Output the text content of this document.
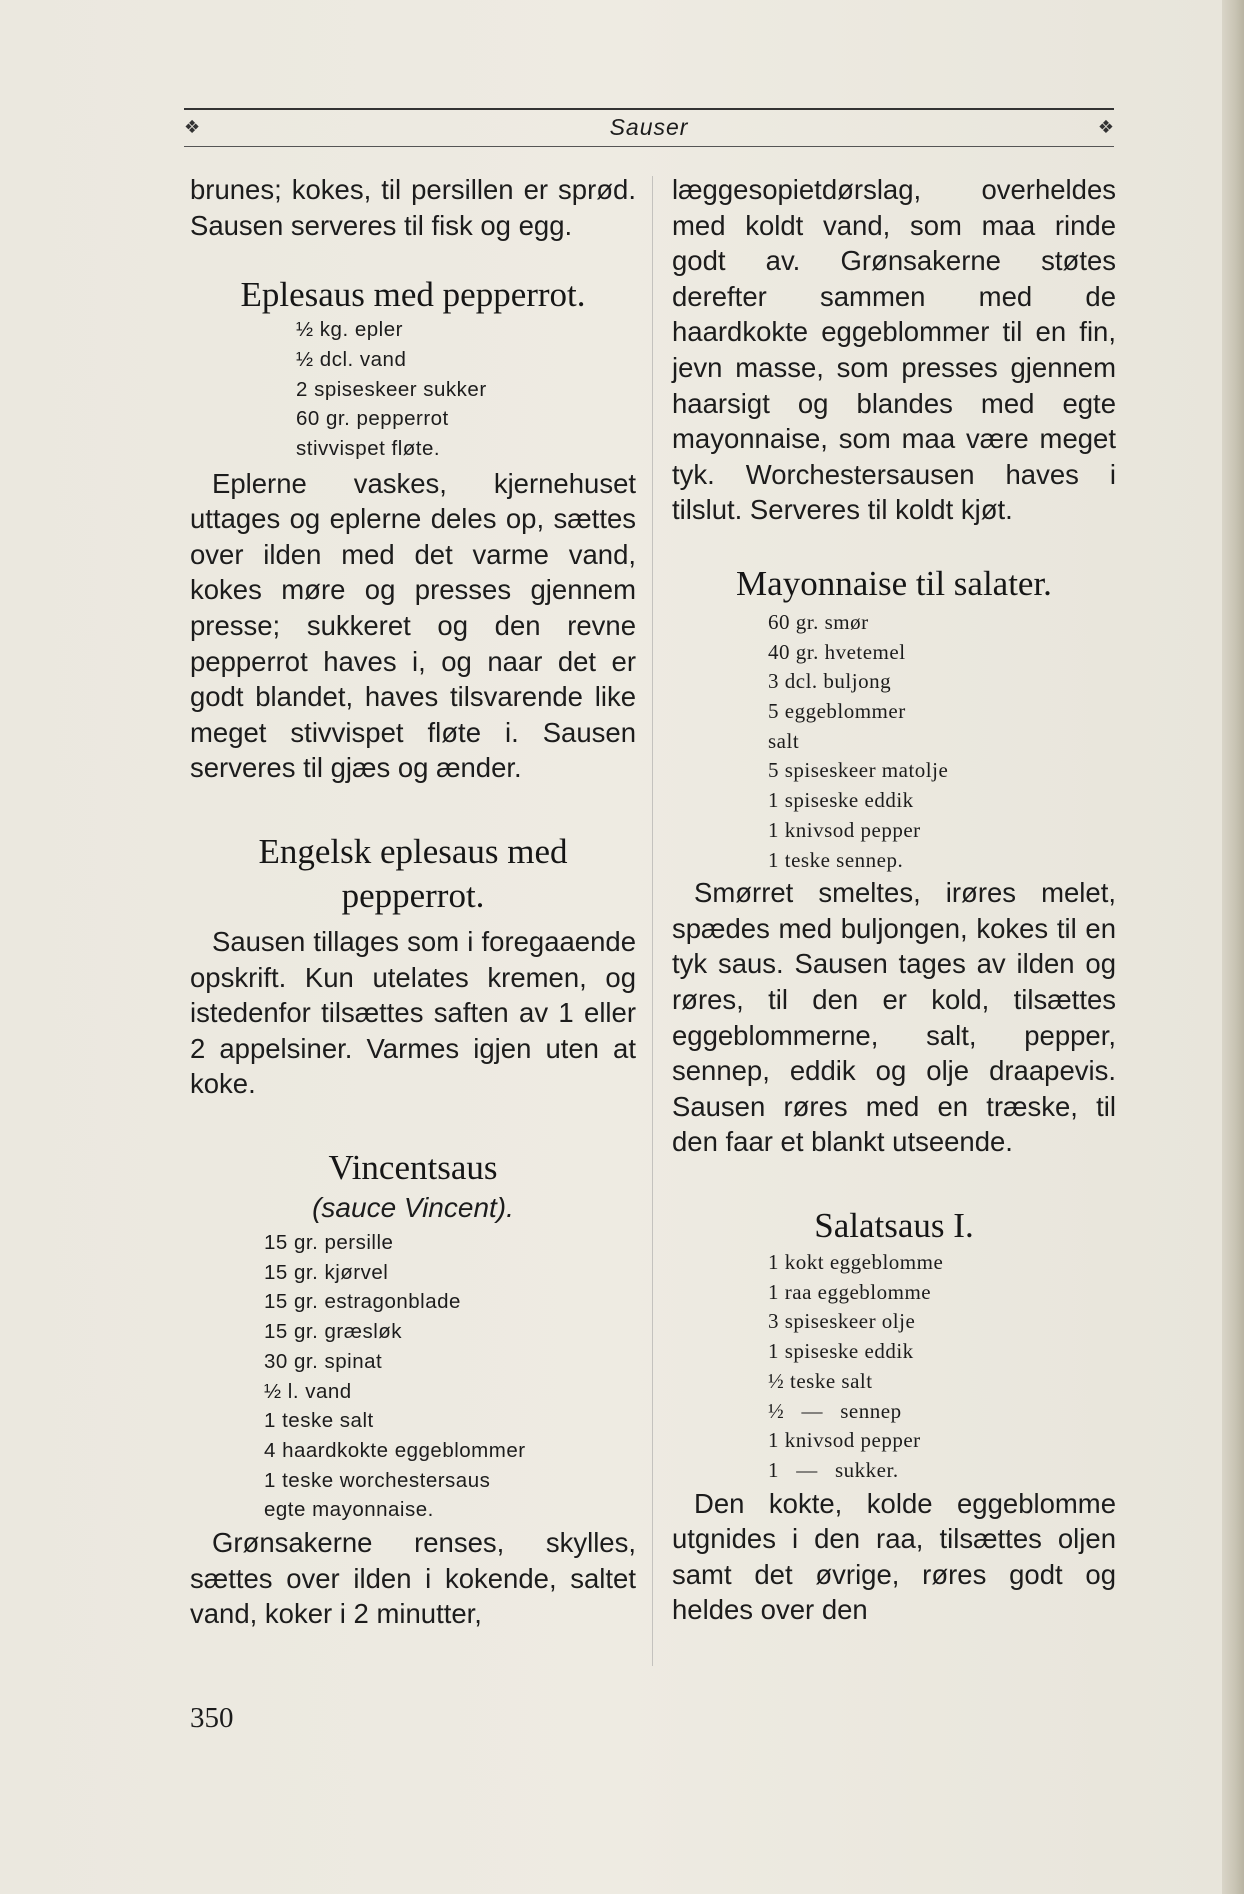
❖	Sauser	❖

brunes; kokes, til persillen er sprød. Sausen serveres til fisk og egg.

Eplesaus med pepperrot.
½ kg. epler
½ dcl. vand
2 spiseskeer sukker
60 gr. pepperrot
stivvispet fløte.

Eplerne vaskes, kjernehuset uttages og eplerne deles op, sættes over ilden med det varme vand, kokes møre og presses gjennem presse; sukkeret og den revne pepperrot haves i, og naar det er godt blandet, haves tilsvarende like meget stivvispet fløte i. Sausen serveres til gjæs og ænder.

Engelsk eplesaus med
pepperrot.

Sausen tillages som i foregaaende opskrift. Kun utelates kremen, og istedenfor tilsættes saften av 1 eller 2 appelsiner. Varmes igjen uten at koke.

Vincentsaus

(sauce Vincent).

15 gr. persille
15 gr. kjørvel
15 gr. estragonblade
15 gr. græsløk
30 gr. spinat
½ l. vand
1 teske salt
4 haardkokte eggeblommer
1 teske worchestersaus
egte mayonnaise.

Grønsakerne renses, skylles, sættes over ilden i kokende, saltet vand, koker i 2 minutter,

læggesopietdørslag, overheldes med koldt vand, som maa rinde godt av. Grønsakerne støtes derefter sammen med de haardkokte eggeblommer til en fin, jevn masse, som presses gjennem haarsigt og blandes med egte mayonnaise, som maa være meget tyk. Worchestersausen haves i tilslut. Serveres til koldt kjøt.

Mayonnaise til salater.
60 gr. smør
40 gr. hvetemel
3 dcl. buljong
5 eggeblommer
salt
5 spiseskeer matolje
1 spiseske eddik
1 knivsod pepper
1 teske sennep.

Smørret smeltes, irøres melet, spædes med buljongen, kokes til en tyk saus. Sausen tages av ilden og røres, til den er kold, tilsættes eggeblommerne, salt, pepper, sennep, eddik og olje draapevis. Sausen røres med en træske, til den faar et blankt utseende.

Salatsaus I.
1 kokt eggeblomme
1 raa eggeblomme
3 spiseskeer olje
1 spiseske eddik
½ teske salt
½   —   sennep
1 knivsod pepper
1   —   sukker.

Den kokte, kolde eggeblomme utgnides i den raa, tilsættes oljen samt det øvrige, røres godt og heldes over den

350
